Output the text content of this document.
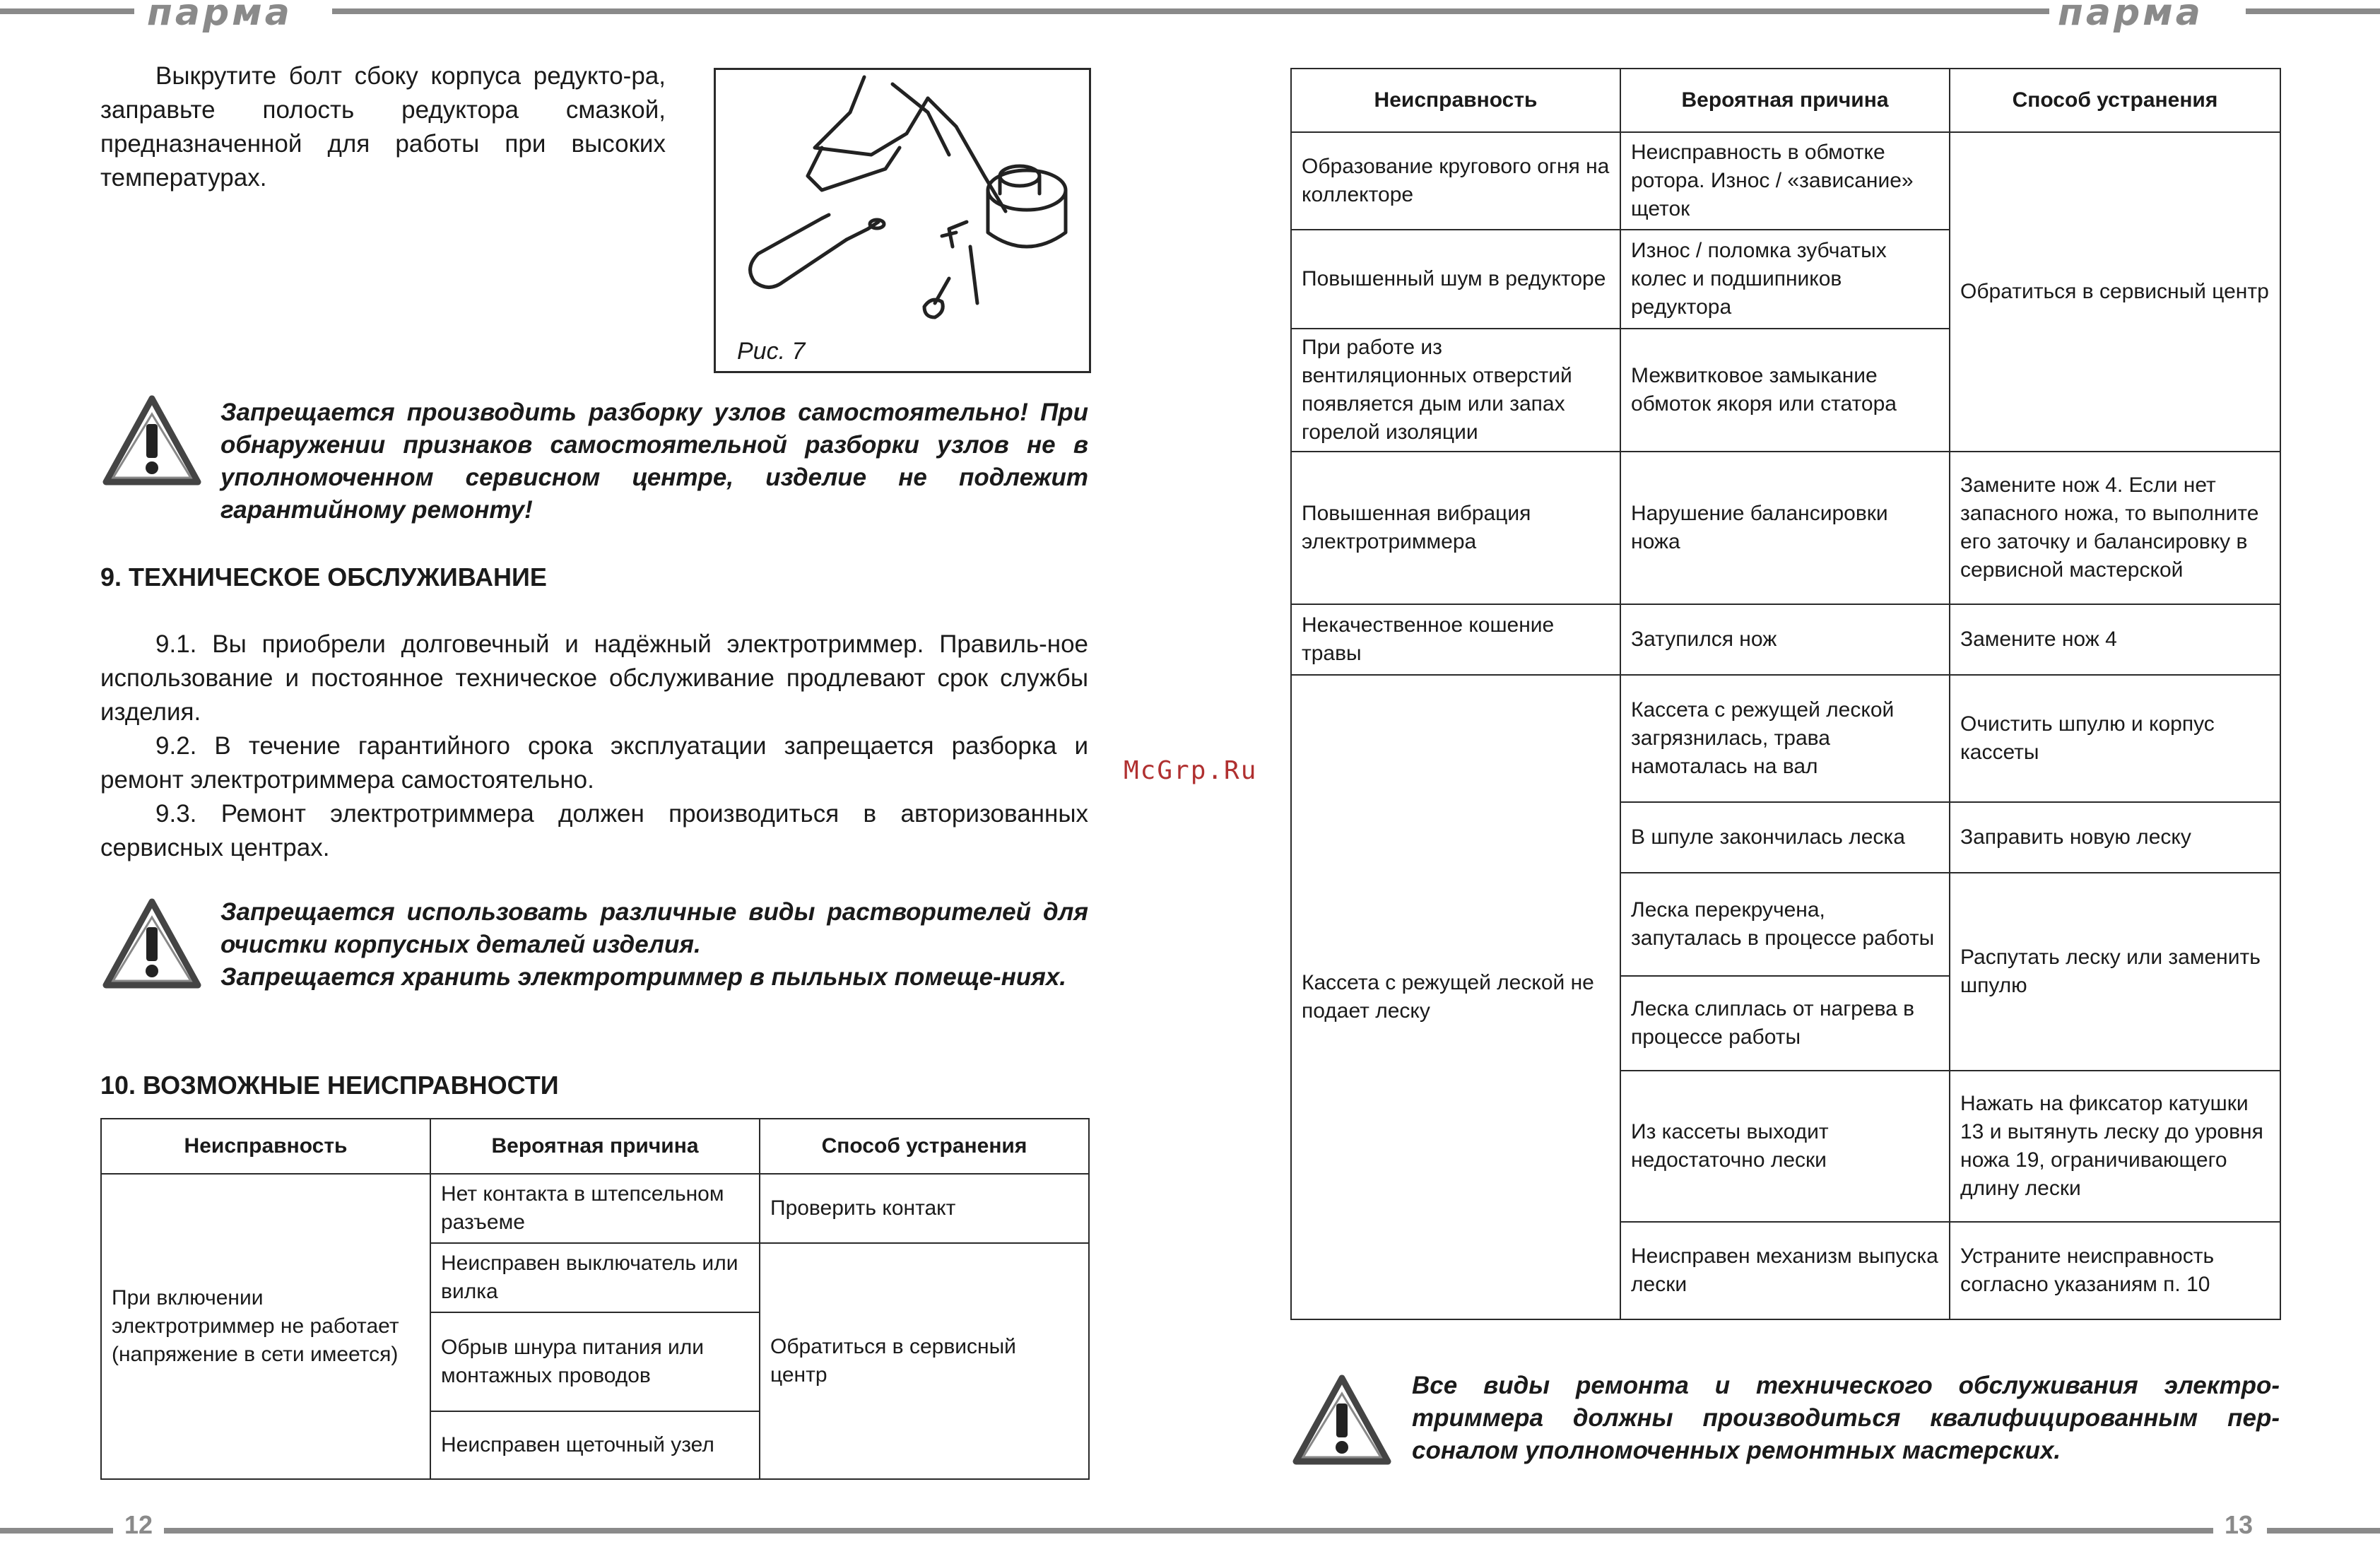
парма	парма

Выкрутите болт сбоку корпуса редукто-ра, заправьте полость редуктора смазкой, предназначенной для работы при высоких температурах.

Рис. 7

Запрещается производить разборку узлов самостоятельно! При обнаружении признаков самостоятельной разборки узлов не в уполномоченном сервисном центре, изделие не подлежит гарантийному ремонту!

9. ТЕХНИЧЕСКОЕ ОБСЛУЖИВАНИЕ

9.1. Вы приобрели долговечный и надёжный электротриммер. Правиль-ное использование и постоянное техническое обслуживание продлевают срок службы изделия.

9.2. В течение гарантийного срока эксплуатации запрещается разборка и ремонт электротриммера самостоятельно.

9.3. Ремонт электротриммера должен производиться в авторизованных сервисных центрах.

Запрещается использовать различные виды растворителей для очистки корпусных деталей изделия.

Запрещается хранить электротриммер в пыльных помеще-ниях.

10. ВОЗМОЖНЫЕ НЕИСПРАВНОСТИ
Неисправность	Вероятная причина	Способ устранения
При включении электротриммер не работает (напряжение в сети имеется)	Нет контакта в штепсельном разъеме	Проверить контакт
	Неисправен выключатель или вилка	Обратиться в сервисный центр
	Обрыв шнура питания или монтажных проводов	
	Неисправен щеточный узел	
12
McGrp.Ru
Неисправность	Вероятная причина	Способ устранения
Образование кругового огня на коллекторе	Неисправность в обмотке ротора. Износ / «зависание» щеток	Обратиться в сервисный центр
Повышенный шум в редукторе	Износ / поломка зубчатых колес и подшипников редуктора	
При работе из вентиляционных отверстий появляется дым или запах горелой изоляции	Межвитковое замыкание обмоток якоря или статора	
Повышенная вибрация электротриммера	Нарушение балансировки ножа	Замените нож 4. Если нет запасного ножа, то выполните его заточку и балансировку в сервисной мастерской
Некачественное кошение травы	Затупился нож	Замените нож 4
Кассета с режущей леской не подает леску	Кассета с режущей леской загрязнилась, трава намоталась на вал	Очистить шпулю и корпус кассеты
	В шпуле закончилась леска	Заправить новую леску
	Леска перекручена, запуталась в процессе работы	Распутать леску или заменить шпулю
	Леска слиплась от нагрева в процессе работы	
	Из кассеты выходит недостаточно лески	Нажать на фиксатор катушки 13 и вытянуть леску до уровня ножа 19, ограничивающего длину лески
	Неисправен механизм выпуска лески	Устраните неисправность согласно указаниям п. 10

Все виды ремонта и технического обслуживания электро-триммера должны производиться квалифицированным пер-соналом уполномоченных ремонтных мастерских.

13
